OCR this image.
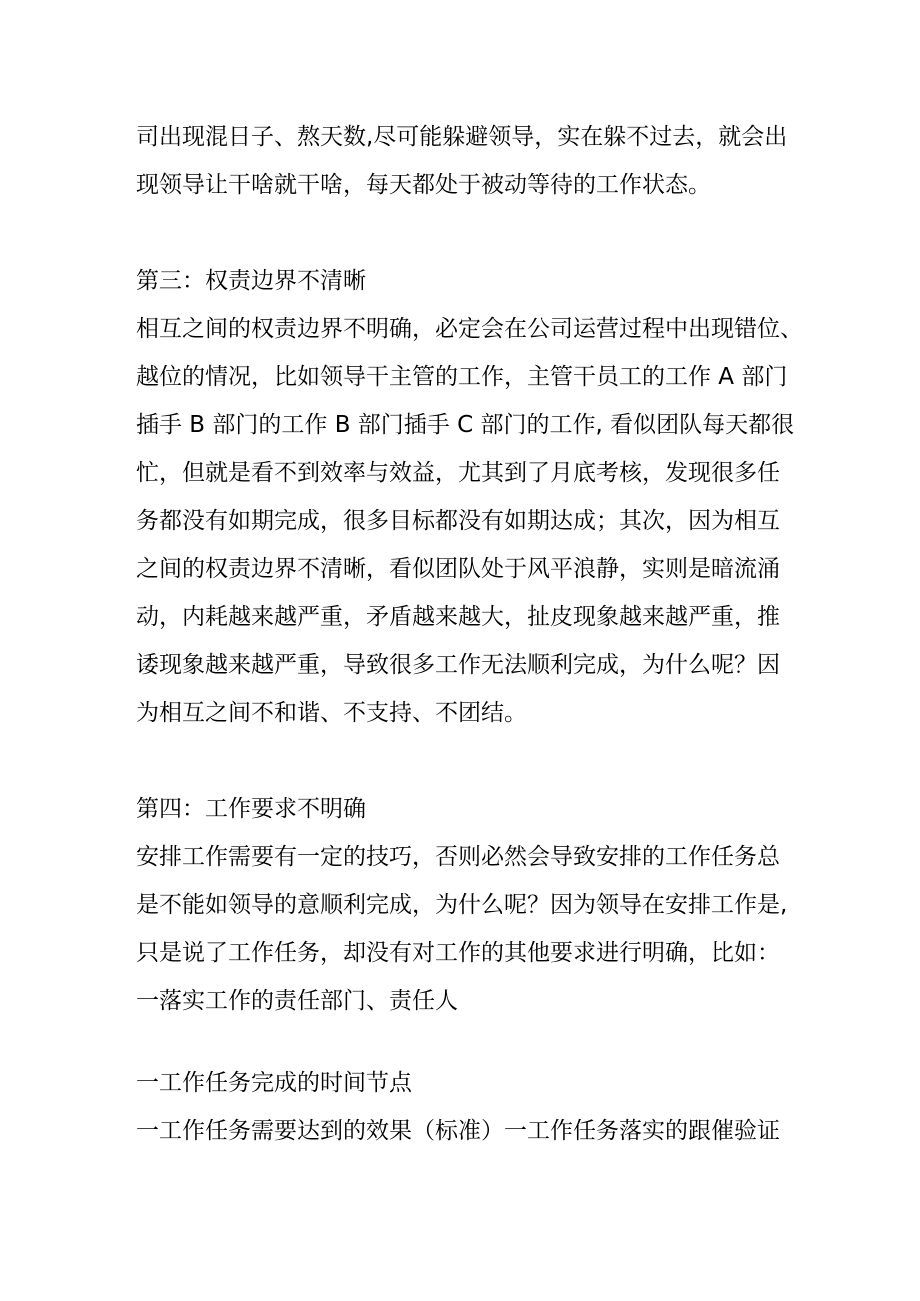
司出现混日子、熬天数,尽可能躲避领导，实在躲不过去，就会出

现领导让干啥就干啥，每天都处于被动等待的工作状态。

第三：权责边界不清晰

相互之间的权责边界不明确，必定会在公司运营过程中出现错位、

越位的情况，比如领导干主管的工作，主管干员工的工作 A 部门

插手 B 部门的工作 B 部门插手 C 部门的工作, 看似团队每天都很

忙，但就是看不到效率与效益，尤其到了月底考核，发现很多任

务都没有如期完成，很多目标都没有如期达成；其次，因为相互

之间的权责边界不清晰，看似团队处于风平浪静，实则是暗流涌

动，内耗越来越严重，矛盾越来越大，扯皮现象越来越严重，推

诿现象越来越严重，导致很多工作无法顺利完成，为什么呢？因

为相互之间不和谐、不支持、不团结。

第四：工作要求不明确

安排工作需要有一定的技巧，否则必然会导致安排的工作任务总

是不能如领导的意顺利完成，为什么呢？因为领导在安排工作是,

只是说了工作任务，却没有对工作的其他要求进行明确，比如：

一落实工作的责任部门、责任人

一工作任务完成的时间节点

一工作任务需要达到的效果（标准）一工作任务落实的跟催验证
